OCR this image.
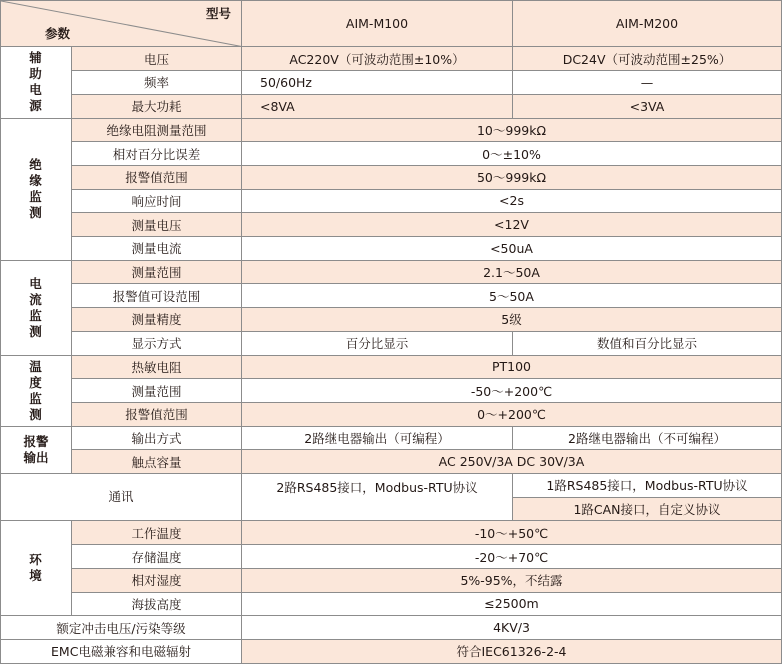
型号
参数		AIM-M100	AIM-M200

辅助电源	电压	AC220V（可波动范围±10%）	DC24V（可波动范围±25%）
	频率	50/60Hz	—
	最大功耗	<8VA	<3VA

绝缘监测	绝缘电阻测量范围	10～999kΩ	
	相对百分比误差	0～±10%	
	报警值范围	50～999kΩ	
	响应时间	<2s	
	测量电压	<12V	
	测量电流	<50uA	

电流监测	测量范围	2.1～50A	
	报警值可设范围	5～50A	
	测量精度	5级	
	显示方式	百分比显示	数值和百分比显示

温度监测	热敏电阻	PT100	
	测量范围	-50～+200℃	
	报警值范围	0～+200℃	

报警输出	输出方式	2路继电器输出（可编程）	2路继电器输出（不可编程）
	触点容量	AC 250V/3A DC 30V/3A	
通讯		2路RS485接口，Modbus-RTU协议	1路RS485接口，Modbus-RTU协议
			1路CAN接口，自定义协议

环境	工作温度	-10～+50℃	
	存储温度	-20～+70℃	
	相对湿度	5%-95%，不结露	
	海拔高度	≤2500m	
额定冲击电压/污染等级		4KV/3	
EMC电磁兼容和电磁辐射		符合IEC61326-2-4	
